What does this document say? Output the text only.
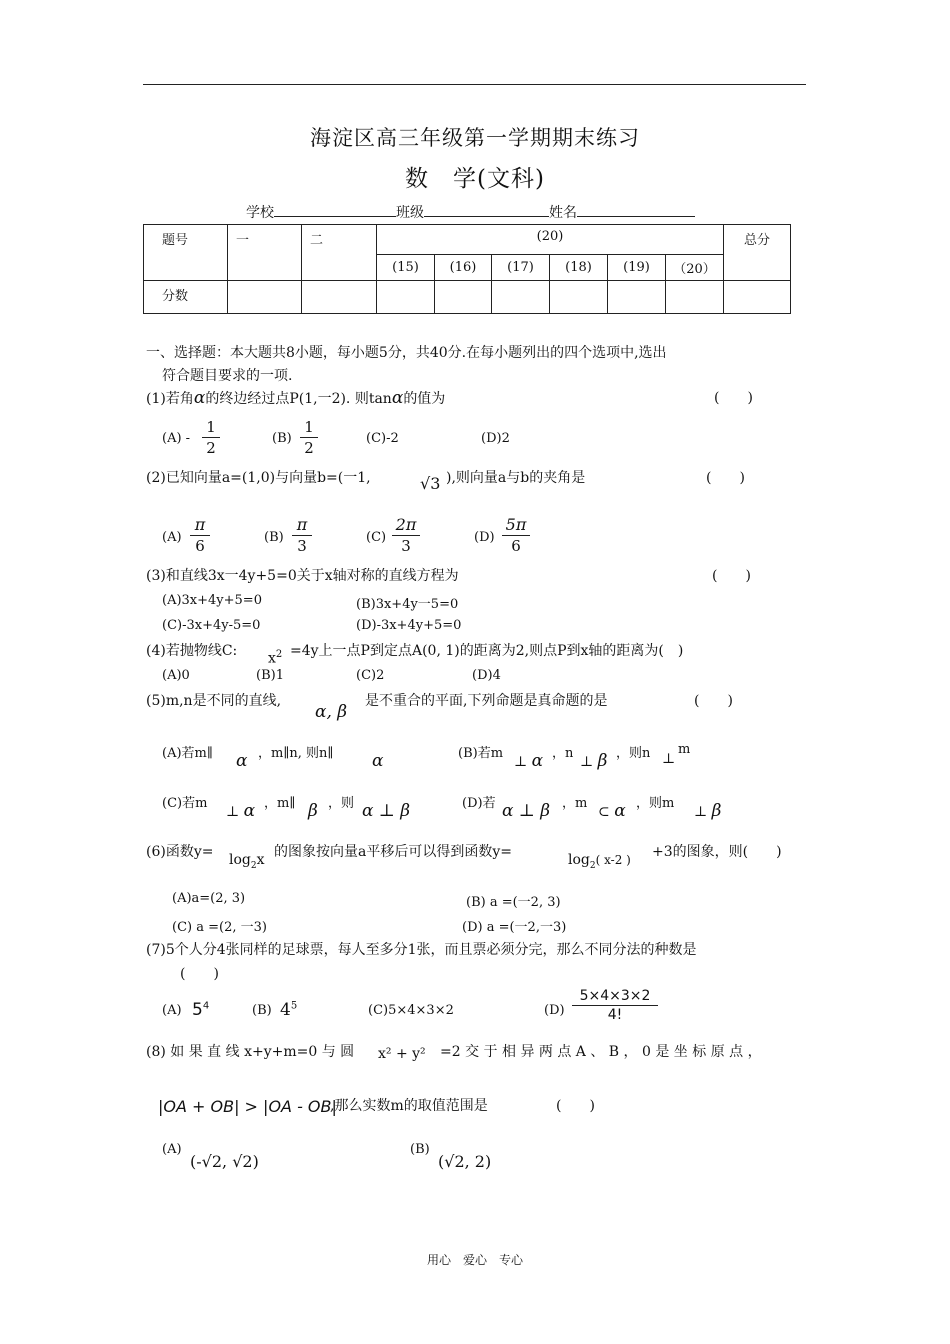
海淀区高三年级第一学期期末练习
数　学(文科)
学校	班级	姓名
题号	一	二	(20)						总分
			(15)	(16)	(17)	(18)	(19)	（20）	
分数									
一、选择题：本大题共8小题，每小题5分，共40分.在每小题列出的四个选项中,选出
符合题目要求的一项.
(1)若角α的终边经过点P(1,一2). 则tanα的值为	(　　)
(A) -
1
2
(B)
1
2
(C)-2	(D)2
(2)已知向量a=(1,0)与向量b=(一1,	√3 ),则向量a与b的夹角是	(　　)
(A)
π
6	(B)
π
3	(C)
2π
3	(D)
5π
6
(3)和直线3x一4y+5=0关于x轴对称的直线方程为	(　　)
(A)3x+4y+5=0	(B)3x+4y一5=0
(C)-3x+4y-5=0	(D)-3x+4y+5=0
(4)若抛物线C: $x^2 =4y$上一点P到定点A(0, 1)的距离为2,则点P到x轴的距离为(　)
(A)0	(B)1	(C)2	(D)4
(5)m,n是不同的直线,
α, β
是不重合的平面,下列命题是真命题的是	(　　)
(A)若m∥ α ，m∥n, 则n∥ α	(B)若m
⊥ α ，n
⊥ β ，则n ⊥
m
(C)若m
⊥ α ，m∥ β ，则 α ⊥ β	(D)若 α ⊥ β ，m
⊂ α ，则m
⊥ β
(6)函数$y= \log_2x$ 的图象按向量a平移后可以得到函数y=	$\log_2$( x-2 ) +3的图象，则(　　)
(A)a=(2, 3)	(B) a =(一2, 3)
(C) a =(2, 一3)	(D) a =(一2,一3)
(7)5个人分4张同样的足球票，每人至多分1张，而且票必须分完，那么不同分法的种数是
(　　)
(A) $5^4$	(B) $4^5$	(C)5×4×3×2	(D)
5×4×3×2
4!
(8) 如 果 直 线 x+y+m=0 与 圆 x² + y² =2 交 于 相 异 两 点 A 、 B ， 0 是 坐 标 原 点 ，
|OA + OB| > |OA - OB|
,那么实数m的取值范围是	(　　)
(A)
(-√2, √2)
(B)
(√2, 2)
用心　爱心　专心
